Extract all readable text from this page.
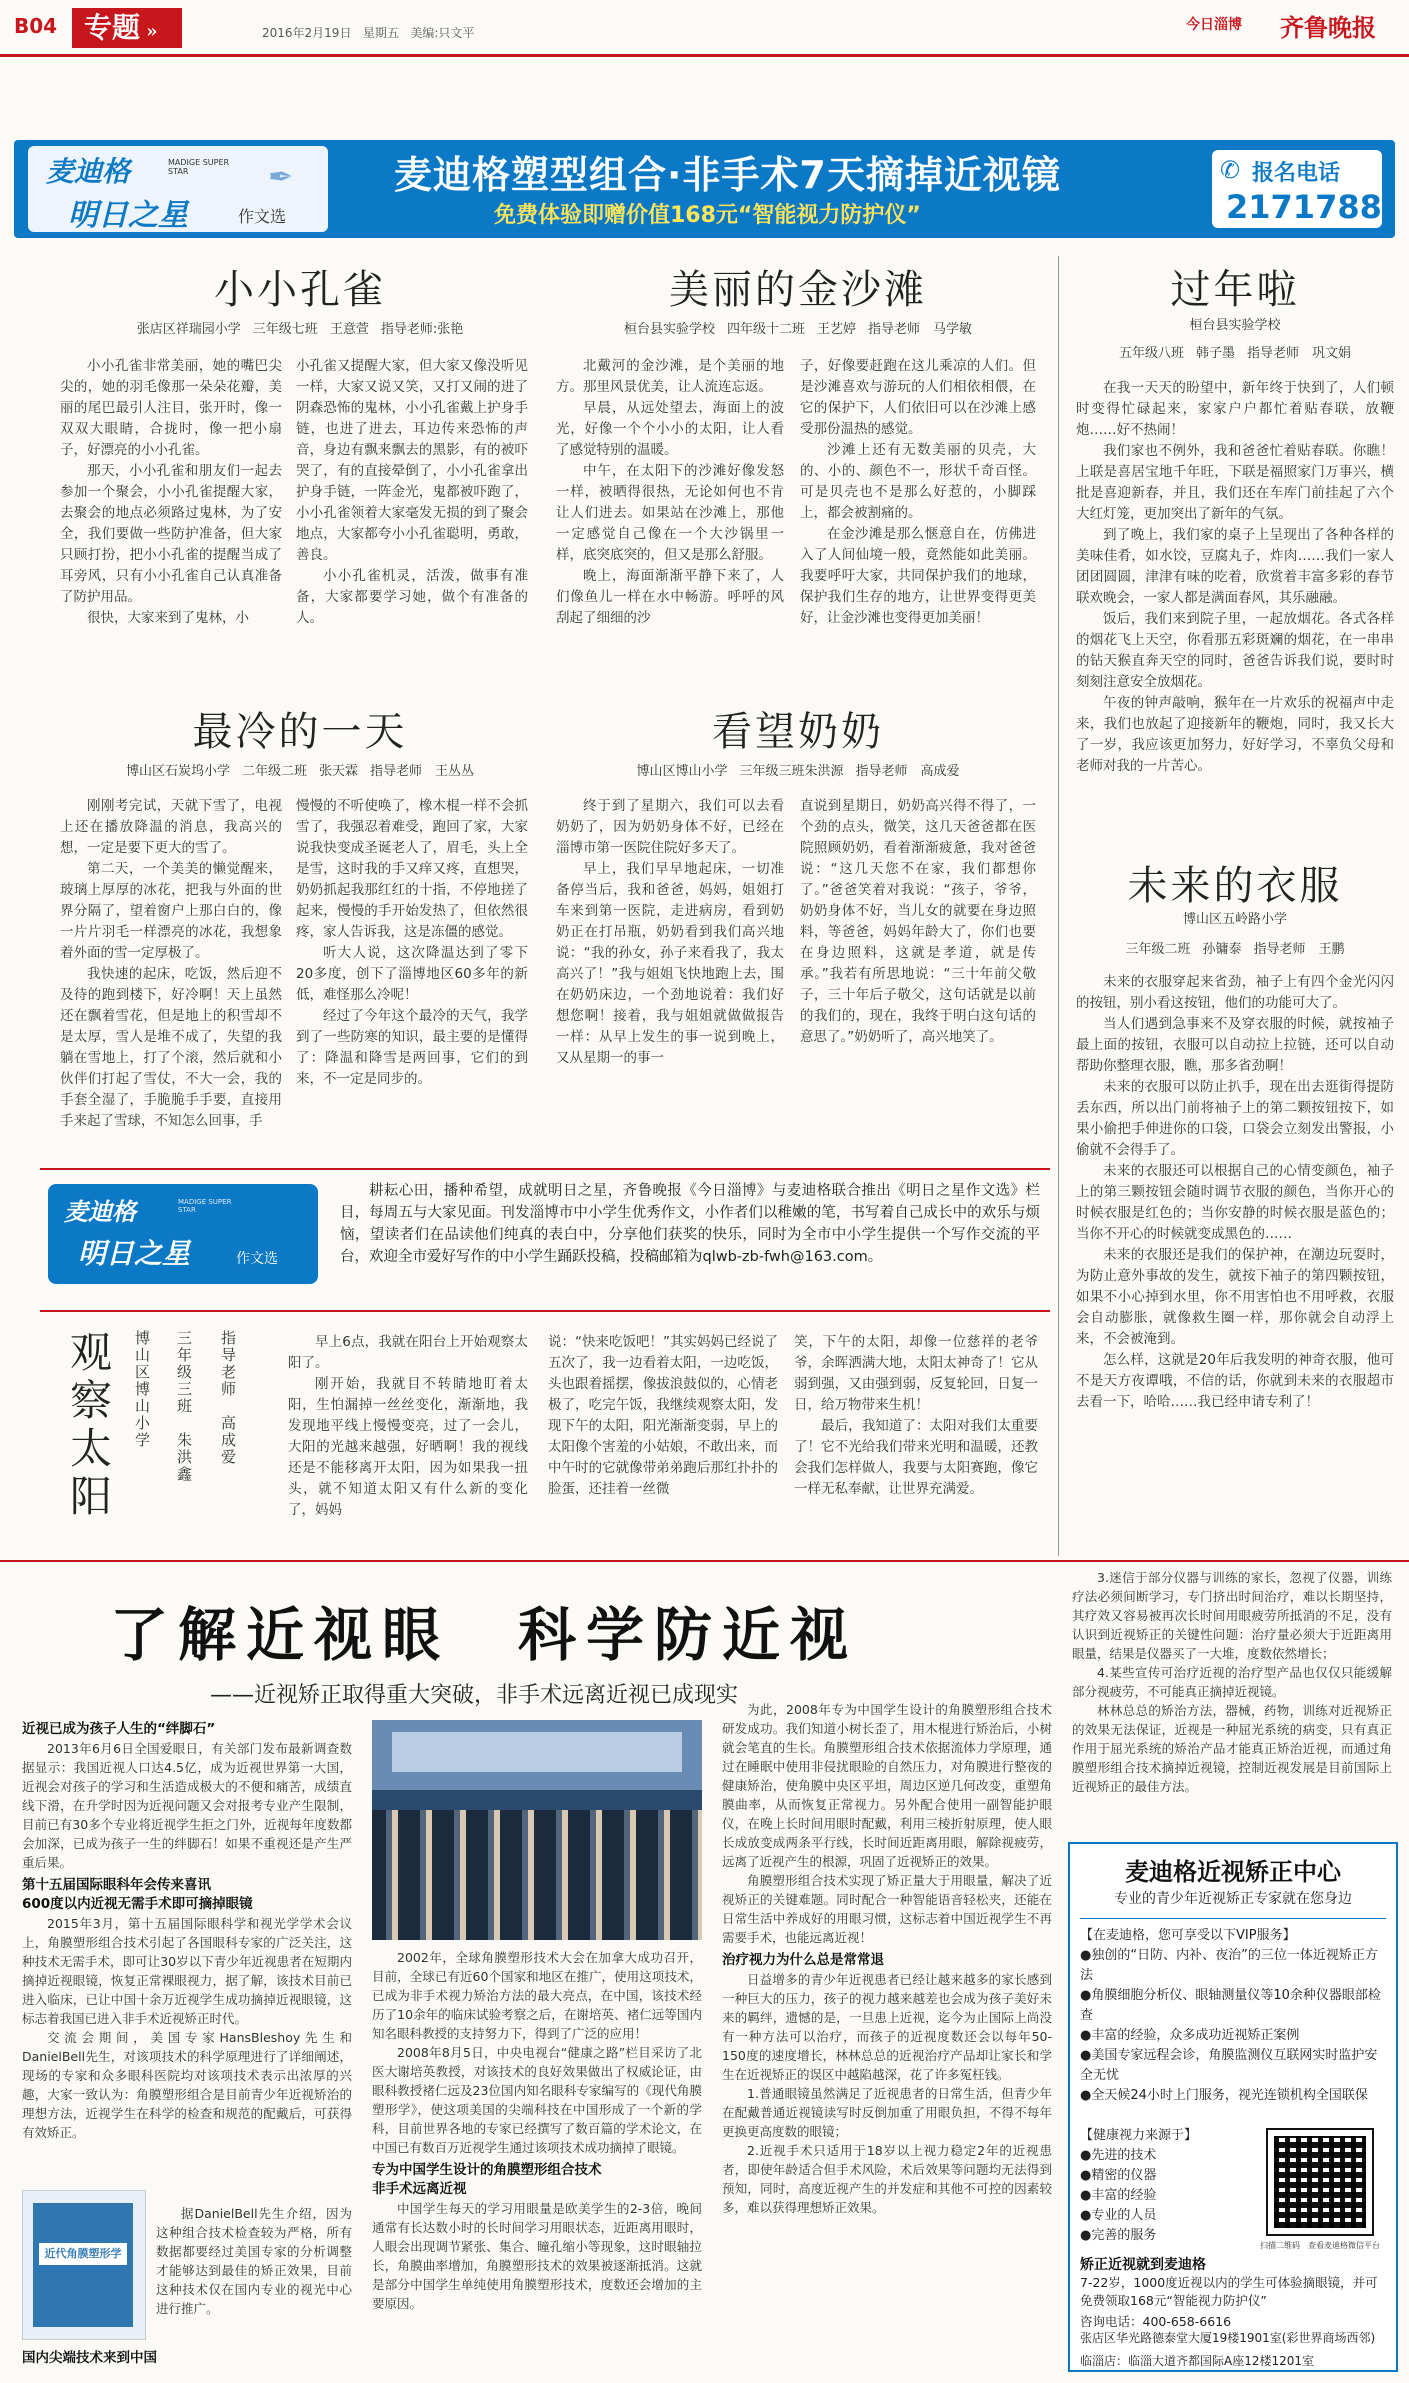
B04 专题 »	2016年2月19日 星期五 美编:只文平	今日淄博 齐鲁晚报
麦迪格	MADIGE SUPER STAR
明日之星	作文选
✒	麦迪格塑型组合·非手术7天摘掉近视镜
免费体验即赠价值168元“智能视力防护仪”
✆ 报名电话
2171788
小小孔雀
张店区祥瑞园小学 三年级七班 王意萱 指导老师:张艳

小小孔雀非常美丽，她的嘴巴尖尖的，她的羽毛像那一朵朵花瓣，美丽的尾巴最引人注目，张开时，像一双双大眼睛，合拢时，像一把小扇子，好漂亮的小小孔雀。

那天，小小孔雀和朋友们一起去参加一个聚会，小小孔雀提醒大家，去聚会的地点必须路过鬼林，为了安全，我们要做一些防护准备，但大家只顾打扮，把小小孔雀的提醒当成了耳旁风，只有小小孔雀自己认真准备了防护用品。

很快，大家来到了鬼林，小

小孔雀又提醒大家，但大家又像没听见一样，大家又说又笑，又打又闹的进了阴森恐怖的鬼林，小小孔雀戴上护身手链，也进了进去，耳边传来恐怖的声音，身边有飘来飘去的黑影，有的被吓哭了，有的直接晕倒了，小小孔雀拿出护身手链，一阵金光，鬼都被吓跑了，小小孔雀领着大家毫发无损的到了聚会地点，大家都夸小小孔雀聪明，勇敢，善良。

小小孔雀机灵，活泼，做事有准备，大家都要学习她，做个有准备的人。

美丽的金沙滩
桓台县实验学校 四年级十二班 王艺婷 指导老师　马学敏

北戴河的金沙滩，是个美丽的地方。那里风景优美，让人流连忘返。

早晨，从远处望去，海面上的波光，好像一个个小小的太阳，让人看了感觉特别的温暖。

中午，在太阳下的沙滩好像发怒一样，被晒得很热，无论如何也不肯让人们进去。如果站在沙滩上，那他一定感觉自己像在一个大沙锅里一样，底突底突的，但又是那么舒服。

晚上，海面渐渐平静下来了，人们像鱼儿一样在水中畅游。呼呼的风刮起了细细的沙

子，好像要赶跑在这儿乘凉的人们。但是沙滩喜欢与游玩的人们相依相偎，在它的保护下，人们依旧可以在沙滩上感受那份温热的感觉。

沙滩上还有无数美丽的贝壳，大的、小的、颜色不一，形状千奇百怪。可是贝壳也不是那么好惹的，小脚踩上，都会被割痛的。

在金沙滩是那么惬意自在，仿佛进入了人间仙境一般，竟然能如此美丽。我要呼吁大家，共同保护我们的地球，保护我们生存的地方，让世界变得更美好，让金沙滩也变得更加美丽！

过年啦
桓台县实验学校
五年级八班 韩子墨 指导老师　巩文娟

在我一天天的盼望中，新年终于快到了，人们顿时变得忙碌起来，家家户户都忙着贴春联，放鞭炮……好不热闹！

我们家也不例外，我和爸爸忙着贴春联。你瞧！上联是喜居宝地千年旺，下联是福照家门万事兴，横批是喜迎新春，并且，我们还在车库门前挂起了六个大红灯笼，更加突出了新年的气氛。

到了晚上，我们家的桌子上呈现出了各种各样的美味佳肴，如水饺，豆腐丸子，炸肉……我们一家人团团圆圆，津津有味的吃着，欣赏着丰富多彩的春节联欢晚会，一家人都是满面春风，其乐融融。

饭后，我们来到院子里，一起放烟花。各式各样的烟花飞上天空，你看那五彩斑斓的烟花，在一串串的钻天猴直奔天空的同时，爸爸告诉我们说，要时时刻刻注意安全放烟花。

午夜的钟声敲响，猴年在一片欢乐的祝福声中走来，我们也放起了迎接新年的鞭炮，同时，我又长大了一岁，我应该更加努力，好好学习，不辜负父母和老师对我的一片苦心。

未来的衣服
博山区五岭路小学
三年级二班 孙镛泰 指导老师　王鹏

未来的衣服穿起来省劲，袖子上有四个金光闪闪的按钮，别小看这按钮，他们的功能可大了。

当人们遇到急事来不及穿衣服的时候，就按袖子最上面的按钮，衣服可以自动拉上拉链，还可以自动帮助你整理衣服，瞧，那多省劲啊！

未来的衣服可以防止扒手，现在出去逛街得提防丢东西，所以出门前将袖子上的第二颗按钮按下，如果小偷把手伸进你的口袋，口袋会立刻发出警报，小偷就不会得手了。

未来的衣服还可以根据自己的心情变颜色，袖子上的第三颗按钮会随时调节衣服的颜色，当你开心的时候衣服是红色的；当你安静的时候衣服是蓝色的；当你不开心的时候就变成黑色的……

未来的衣服还是我们的保护神，在潮边玩耍时，为防止意外事故的发生，就按下袖子的第四颗按钮，如果不小心掉到水里，你不用害怕也不用呼救，衣服会自动膨胀，就像救生圈一样，那你就会自动浮上来，不会被淹到。

怎么样，这就是20年后我发明的神奇衣服，他可不是天方夜谭哦，不信的话，你就到未来的衣服超市去看一下，哈哈……我已经申请专利了！

最冷的一天
博山区石炭坞小学 二年级二班 张天霖 指导老师　王丛丛

刚刚考完试，天就下雪了，电视上还在播放降温的消息，我高兴的想，一定是要下更大的雪了。

第二天，一个美美的懒觉醒来，玻璃上厚厚的冰花，把我与外面的世界分隔了，望着窗户上那白白的，像一片片羽毛一样漂亮的冰花，我想象着外面的雪一定厚极了。

我快速的起床，吃饭，然后迎不及待的跑到楼下，好冷啊！天上虽然还在飘着雪花，但是地上的积雪却不是太厚，雪人是堆不成了，失望的我躺在雪地上，打了个滚，然后就和小伙伴们打起了雪仗，不大一会，我的手套全湿了，手脆脆手手要，直接用手来起了雪球，不知怎么回事，手

慢慢的不听使唤了，橡木棍一样不会抓雪了，我强忍着难受，跑回了家，大家说我快变成圣诞老人了，眉毛，头上全是雪，这时我的手又痒又疼，直想哭，奶奶抓起我那红红的十指，不停地搓了起来，慢慢的手开始发热了，但依然很疼，家人告诉我，这是冻僵的感觉。

听大人说，这次降温达到了零下20多度，创下了淄博地区60多年的新低，难怪那么冷呢！

经过了今年这个最冷的天气，我学到了一些防寒的知识，最主要的是懂得了：降温和降雪是两回事，它们的到来，不一定是同步的。

看望奶奶
博山区博山小学 三年级三班朱洪源 指导老师　高成爱

终于到了星期六，我们可以去看奶奶了，因为奶奶身体不好，已经在淄博市第一医院住院好多天了。

早上，我们早早地起床，一切准备停当后，我和爸爸，妈妈，姐姐打车来到第一医院，走进病房，看到奶奶正在打吊瓶，奶奶看到我们高兴地说：“我的孙女，孙子来看我了，我太高兴了！”我与姐姐飞快地跑上去，围在奶奶床边，一个劲地说着：我们好想您啊！接着，我与姐姐就做做报告一样：从早上发生的事一说到晚上，又从星期一的事一

直说到星期日，奶奶高兴得不得了，一个劲的点头，微笑，这几天爸爸都在医院照顾奶奶，看着渐渐疲惫，我对爸爸说：“这几天您不在家，我们都想你了。”爸爸笑着对我说：“孩子，爷爷，奶奶身体不好，当儿女的就要在身边照料，等爸爸，妈妈年龄大了，你们也要在身边照料，这就是孝道，就是传承。”我若有所思地说：“三十年前父敬子，三十年后子敬父，这句话就是以前的我们的，现在，我终于明白这句话的意思了。”奶奶听了，高兴地笑了。

麦迪格	MADIGE SUPER STAR
明日之星	作文选
耕耘心田，播种希望，成就明日之星，齐鲁晚报《今日淄博》与麦迪格联合推出《明日之星作文选》栏目，每周五与大家见面。刊发淄博市中小学生优秀作文，小作者们以稚嫩的笔，书写着自己成长中的欢乐与烦恼，望读者们在品读他们纯真的表白中，分享他们获奖的快乐，同时为全市中小学生提供一个写作交流的平台，欢迎全市爱好写作的中小学生踊跃投稿，投稿邮箱为qlwb-zb-fwh@163.com。
观察太阳	博山区博山小学 三年级三班　朱洪鑫
指导老师　高成爱

早上6点，我就在阳台上开始观察太阳了。

刚开始，我就目不转睛地盯着太阳，生怕漏掉一丝丝变化，渐渐地，我发现地平线上慢慢变亮，过了一会儿，大阳的光越来越强，好晒啊！我的视线还是不能移离开太阳，因为如果我一扭头，就不知道太阳又有什么新的变化了，妈妈

说：“快来吃饭吧！”其实妈妈已经说了五次了，我一边看着太阳，一边吃饭，头也跟着摇摆，像拔浪鼓似的，心情老极了，吃完午饭，我继续观察太阳，发现下午的太阳，阳光渐渐变弱，早上的太阳像个害羞的小姑娘，不敢出来，而中午时的它就像带弟弟跑后那红扑扑的脸蛋，还挂着一丝微

笑，下午的太阳，却像一位慈祥的老爷爷，余晖洒满大地，太阳太神奇了！它从弱到强，又由强到弱，反复轮回，日复一日，给万物带来生机！

最后，我知道了：太阳对我们太重要了！它不光给我们带来光明和温暖，还教会我们怎样做人，我要与太阳赛跑，像它一样无私奉献，让世界充满爱。

了解近视眼　科学防近视
——近视矫正取得重大突破，非手术远离近视已成现实
近视已成为孩子人生的“绊脚石”

2013年6月6日全国爱眼日，有关部门发布最新调查数据显示：我国近视人口达4.5亿，成为近视世界第一大国，近视会对孩子的学习和生活造成极大的不便和痛苦，成绩直线下滑，在升学时因为近视问题又会对报考专业产生限制，目前已有30多个专业将近视学生拒之门外，近视每年度数都会加深，已成为孩子一生的绊脚石！如果不重视还是产生严重后果。

第十五届国际眼科年会传来喜讯
600度以内近视无需手术即可摘掉眼镜

2015年3月，第十五届国际眼科学和视光学学术会议上，角膜塑形组合技术引起了各国眼科专家的广泛关注，这种技术无需手术，即可让30岁以下青少年近视患者在短期内摘掉近视眼镜，恢复正常裸眼视力，据了解，该技术目前已进入临床，已让中国十余万近视学生成功摘掉近视眼镜，这标志着我国已进入非手术近视矫正时代。

交流会期间，美国专家HansBleshoy先生和DanielBell先生，对该项技术的科学原理进行了详细阐述，现场的专家和众多眼科医院均对该项技术表示出浓厚的兴趣，大家一致认为：角膜塑形组合是目前青少年近视矫治的理想方法，近视学生在科学的检查和规范的配戴后，可获得有效矫正。

近代角膜塑形学

据DanielBell先生介绍，因为这种组合技术检查较为严格，所有数据都要经过美国专家的分析调整才能够达到最佳的矫正效果，目前这种技术仅在国内专业的视光中心进行推广。

国内尖端技术来到中国

2002年，全球角膜塑形技术大会在加拿大成功召开，目前，全球已有近60个国家和地区在推广，使用这项技术，已成为非手术视力矫治方法的最大亮点，在中国，该技术经历了10余年的临床试验考察之后，在谢培英、褚仁远等国内知名眼科教授的支持努力下，得到了广泛的应用！

2008年8月5日，中央电视台“健康之路”栏目采访了北医大谢培英教授，对该技术的良好效果做出了权威论证，由眼科教授褚仁远及23位国内知名眼科专家编写的《现代角膜塑形学》，使这项美国的尖端科技在中国形成了一个新的学科，目前世界各地的专家已经撰写了数百篇的学术论文，在中国已有数百万近视学生通过该项技术成功摘掉了眼镜。

专为中国学生设计的角膜塑形组合技术
非手术远离近视

中国学生每天的学习用眼量是欧美学生的2-3倍，晚间通常有长达数小时的长时间学习用眼状态，近距离用眼时，人眼会出现调节紧张、集合、瞳孔缩小等现象，这时眼轴拉长，角膜曲率增加，角膜塑形技术的效果被逐渐抵消。这就是部分中国学生单纯使用角膜塑形技术，度数还会增加的主要原因。

为此，2008年专为中国学生设计的角膜塑形组合技术研发成功。我们知道小树长歪了，用木棍进行矫治后，小树就会笔直的生长。角膜塑形组合技术依据流体力学原理，通过在睡眠中使用非侵扰眼睑的自然压力，对角膜进行整夜的健康矫治，使角膜中央区平坦，周边区逆几何改变，重塑角膜曲率，从而恢复正常视力。另外配合使用一副智能护眼仪，在晚上长时间用眼时配戴，利用三棱折射原理，使人眼长成放变成两条平行线，长时间近距离用眼，解除视疲劳，远离了近视产生的根源，巩固了近视矫正的效果。

角膜塑形组合技术实现了矫正量大于用眼量，解决了近视矫正的关键难题。同时配合一种智能语音轻松夹，还能在日常生活中养成好的用眼习惯，这标志着中国近视学生不再需要手术，也能远离近视！

治疗视力为什么总是常常退

日益增多的青少年近视患者已经让越来越多的家长感到一种巨大的压力，孩子的视力越来越差也会成为孩子美好未来的羁绊，遗憾的是，一旦患上近视，迄今为止国际上尚没有一种方法可以治疗，而孩子的近视度数还会以每年50-150度的速度增长，林林总总的近视治疗产品却让家长和学生在近视矫正的误区中越陷越深，花了许多冤枉钱。

1.普通眼镜虽然满足了近视患者的日常生活，但青少年在配戴普通近视镜读写时反倒加重了用眼负担，不得不每年更换更高度数的眼镜；

2.近视手术只适用于18岁以上视力稳定2年的近视患者，即使年龄适合但手术风险，术后效果等问题均无法得到预知，同时，高度近视产生的并发症和其他不可控的因素较多，难以获得理想矫正效果。

3.迷信于部分仪器与训练的家长，忽视了仪器，训练疗法必须间断学习，专门挤出时间治疗，难以长期坚持，其疗效又容易被再次长时间用眼疲劳所抵消的不足，没有认识到近视矫正的关键性问题：治疗量必须大于近距离用眼量，结果是仪器买了一大堆，度数依然增长；

4.某些宣传可治疗近视的治疗型产品也仅仅只能缓解部分视疲劳，不可能真正摘掉近视镜。

林林总总的矫治方法，器械，药物，训练对近视矫正的效果无法保证，近视是一种屈光系统的病变，只有真正作用于屈光系统的矫治产品才能真正矫治近视，而通过角膜塑形组合技术摘掉近视镜，控制近视发展是目前国际上近视矫正的最佳方法。

麦迪格近视矫正中心
专业的青少年近视矫正专家就在您身边
【在麦迪格，您可享受以下VIP服务】
●独创的“日防、内补、夜治”的三位一体近视矫正方法
●角膜细胞分析仪、眼轴测量仪等10余种仪器眼部检查
●丰富的经验，众多成功近视矫正案例
●美国专家远程会诊，角膜监测仪互联网实时监护安全无忧
●全天候24小时上门服务，视光连锁机构全国联保
【健康视力来源于】
●先进的技术
●精密的仪器
●丰富的经验
●专业的人员
●完善的服务
扫描二维码　查看麦迪格微信平台
矫正近视就到麦迪格
7-22岁，1000度近视以内的学生可体验摘眼镜，并可免费领取168元“智能视力防护仪”
咨询电话：400-658-6616
张店区华光路德泰堂大厦19楼1901室(彩世界商场西邻)
临淄店：临淄大道齐都国际A座12楼1201室
